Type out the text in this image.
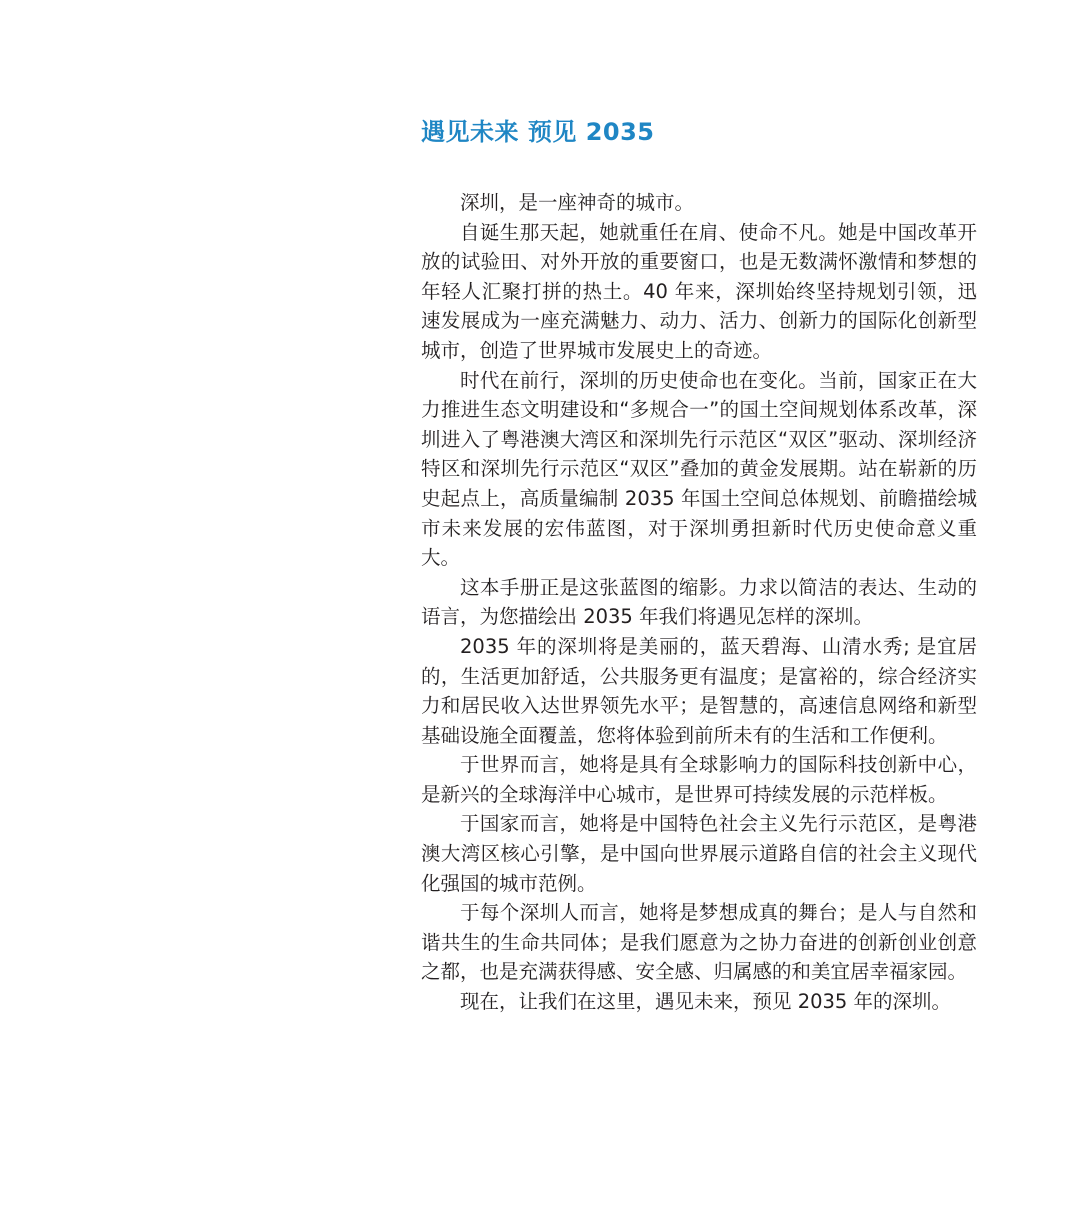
遇见未来 预见 2035

深圳，是一座神奇的城市。

自诞生那天起，她就重任在肩、使命不凡。她是中国改革开放的试验田、对外开放的重要窗口，也是无数满怀激情和梦想的年轻人汇聚打拼的热土。40 年来，深圳始终坚持规划引领，迅速发展成为一座充满魅力、动力、活力、创新力的国际化创新型城市，创造了世界城市发展史上的奇迹。

时代在前行，深圳的历史使命也在变化。当前，国家正在大力推进生态文明建设和“多规合一”的国土空间规划体系改革，深圳进入了粤港澳大湾区和深圳先行示范区“双区”驱动、深圳经济特区和深圳先行示范区“双区”叠加的黄金发展期。站在崭新的历史起点上，高质量编制 2035 年国土空间总体规划、前瞻描绘城市未来发展的宏伟蓝图，对于深圳勇担新时代历史使命意义重大。

这本手册正是这张蓝图的缩影。力求以简洁的表达、生动的语言，为您描绘出 2035 年我们将遇见怎样的深圳。

2035 年的深圳将是美丽的，蓝天碧海、山清水秀; 是宜居的，生活更加舒适，公共服务更有温度；是富裕的，综合经济实力和居民收入达世界领先水平；是智慧的，高速信息网络和新型基础设施全面覆盖，您将体验到前所未有的生活和工作便利。

于世界而言，她将是具有全球影响力的国际科技创新中心，是新兴的全球海洋中心城市，是世界可持续发展的示范样板。

于国家而言，她将是中国特色社会主义先行示范区，是粤港澳大湾区核心引擎，是中国向世界展示道路自信的社会主义现代化强国的城市范例。

于每个深圳人而言，她将是梦想成真的舞台；是人与自然和谐共生的生命共同体；是我们愿意为之协力奋进的创新创业创意之都，也是充满获得感、安全感、归属感的和美宜居幸福家园。

现在，让我们在这里，遇见未来，预见 2035 年的深圳。
